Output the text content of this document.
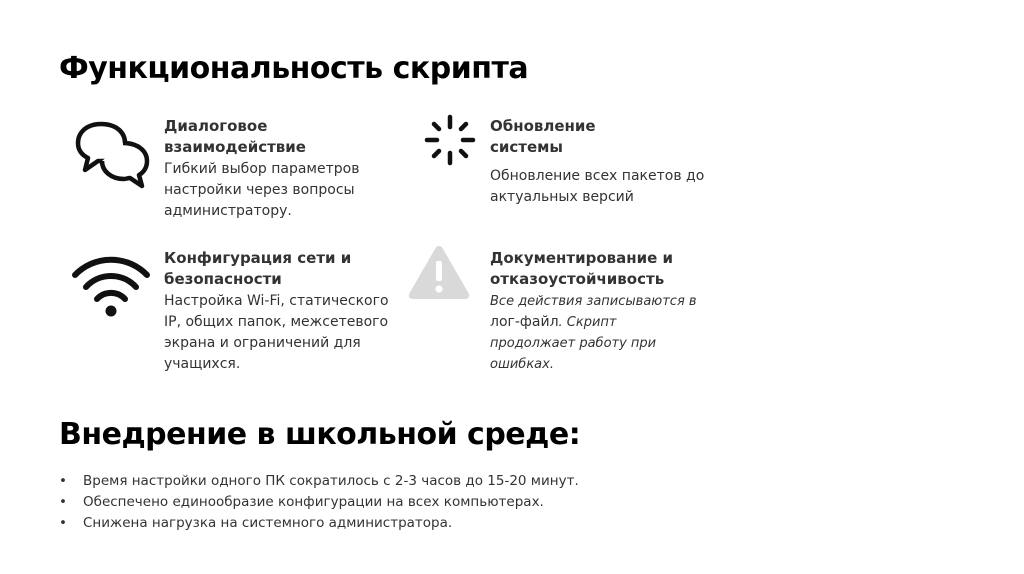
Функциональность скрипта
Диалоговое
взаимодействие
Гибкий выбор параметров
настройки через вопросы
администратору.
Обновление
системы
Обновление всех пакетов до
актуальных версий
Конфигурация сети и
безопасности
Настройка Wi-Fi, статического
IP, общих папок, межсетевого
экрана и ограничений для
учащихся.
Документирование и
отказоустойчивость
Все действия записываются в
лог-файл. Скрипт
продолжает работу при
ошибках.
Внедрение в школьной среде:
• Время настройки одного ПК сократилось с 2-3 часов до 15-20 минут.
• Обеспечено единообразие конфигурации на всех компьютерах.
• Снижена нагрузка на системного администратора.
